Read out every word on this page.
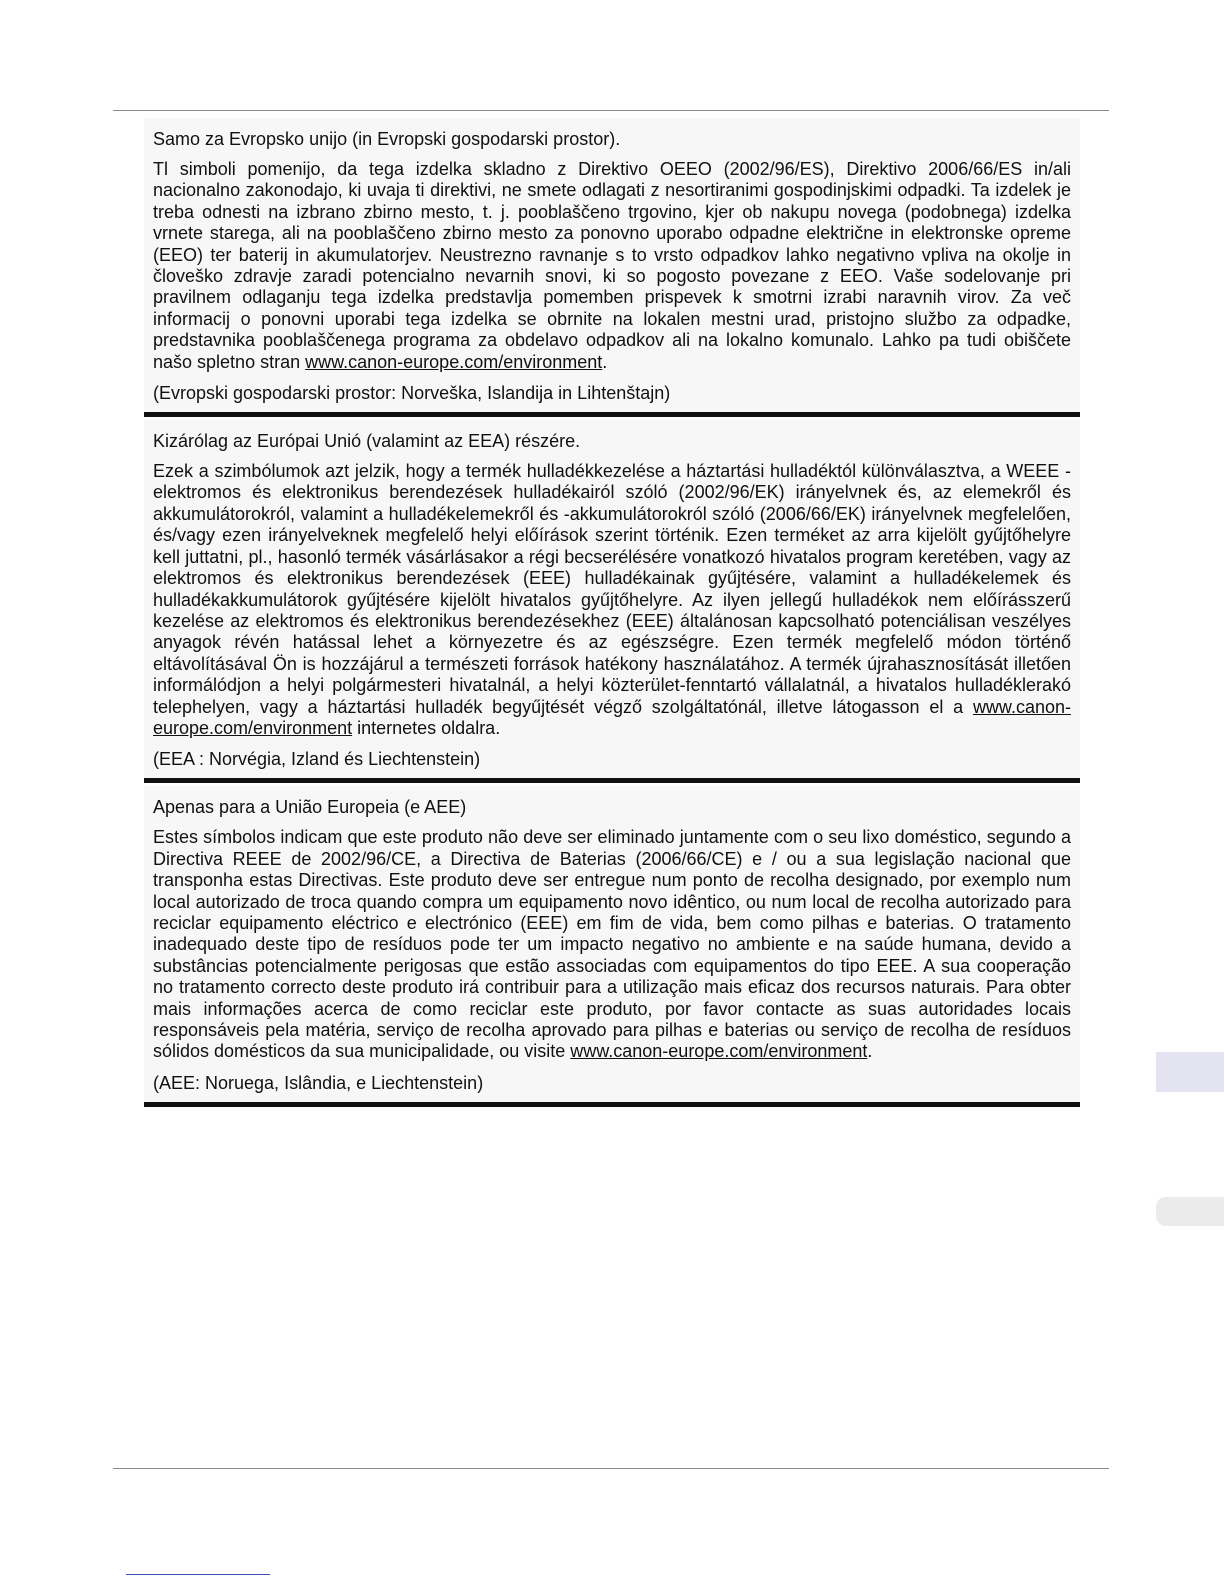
Samo za Evropsko unijo (in Evropski gospodarski prostor).

Tl simboli pomenijo, da tega izdelka skladno z Direktivo OEEO (2002/96/ES), Direktivo 2006/66/ES in/ali nacionalno zakonodajo, ki uvaja ti direktivi, ne smete odlagati z nesortiranimi gospodinjskimi odpadki. Ta izdelek je treba odnesti na izbrano zbirno mesto, t. j. pooblaščeno trgovino, kjer ob nakupu novega (podobnega) izdelka vrnete starega, ali na pooblaščeno zbirno mesto za ponovno uporabo odpadne električne in elektronske opreme (EEO) ter baterij in akumulatorjev. Neustrezno ravnanje s to vrsto odpadkov lahko negativno vpliva na okolje in človeško zdravje zaradi potencialno nevarnih snovi, ki so pogosto povezane z EEO. Vaše sodelovanje pri pravilnem odlaganju tega izdelka predstavlja pomemben prispevek k smotrni izrabi naravnih virov. Za več informacij o ponovni uporabi tega izdelka se obrnite na lokalen mestni urad, pristojno službo za odpadke, predstavnika pooblaščenega programa za obdelavo odpadkov ali na lokalno komunalo. Lahko pa tudi obiščete našo spletno stran www.canon-europe.com/environment.

(Evropski gospodarski prostor: Norveška, Islandija in Lihtenštajn)

Kizárólag az Európai Unió (valamint az EEA) részére.

Ezek a szimbólumok azt jelzik, hogy a termék hulladékkezelése a háztartási hulladéktól különválasztva, a WEEE - elektromos és elektronikus berendezések hulladékairól szóló (2002/96/EK) irányelvnek és, az elemekről és akkumulátorokról, valamint a hulladékelemekről és -akkumulátorokról szóló (2006/66/EK) irányelvnek megfelelően, és/vagy ezen irányelveknek megfelelő helyi előírások szerint történik. Ezen terméket az arra kijelölt gyűjtőhelyre kell juttatni, pl., hasonló termék vásárlásakor a régi becserélésére vonatkozó hivatalos program keretében, vagy az elektromos és elektronikus berendezések (EEE) hulladékainak gyűjtésére, valamint a hulladékelemek és hulladékakkumulátorok gyűjtésére kijelölt hivatalos gyűjtőhelyre. Az ilyen jellegű hulladékok nem előírásszerű kezelése az elektromos és elektronikus berendezésekhez (EEE) általánosan kapcsolható potenciálisan veszélyes anyagok révén hatással lehet a környezetre és az egészségre. Ezen termék megfelelő módon történő eltávolításával Ön is hozzájárul a természeti források hatékony használatához. A termék újrahasznosítását illetően informálódjon a helyi polgármesteri hivatalnál, a helyi közterület-fenntartó vállalatnál, a hivatalos hulladéklerakó telephelyen, vagy a háztartási hulladék begyűjtését végző szolgáltatónál, illetve látogasson el a www.canon-europe.com/environment internetes oldalra.

(EEA : Norvégia, Izland és Liechtenstein)

Apenas para a União Europeia (e AEE)

Estes símbolos indicam que este produto não deve ser eliminado juntamente com o seu lixo doméstico, segundo a Directiva REEE de 2002/96/CE, a Directiva de Baterias (2006/66/CE) e / ou a sua legislação nacional que transponha estas Directivas. Este produto deve ser entregue num ponto de recolha designado, por exemplo num local autorizado de troca quando compra um equipamento novo idêntico, ou num local de recolha autorizado para reciclar equipamento eléctrico e electrónico (EEE) em fim de vida, bem como pilhas e baterias. O tratamento inadequado deste tipo de resíduos pode ter um impacto negativo no ambiente e na saúde humana, devido a substâncias potencialmente perigosas que estão associadas com equipamentos do tipo EEE. A sua cooperação no tratamento correcto deste produto irá contribuir para a utilização mais eficaz dos recursos naturais. Para obter mais informações acerca de como reciclar este produto, por favor contacte as suas autoridades locais responsáveis pela matéria, serviço de recolha aprovado para pilhas e baterias ou serviço de recolha de resíduos sólidos domésticos da sua municipalidade, ou visite www.canon-europe.com/environment.

(AEE: Noruega, Islândia, e Liechtenstein)
